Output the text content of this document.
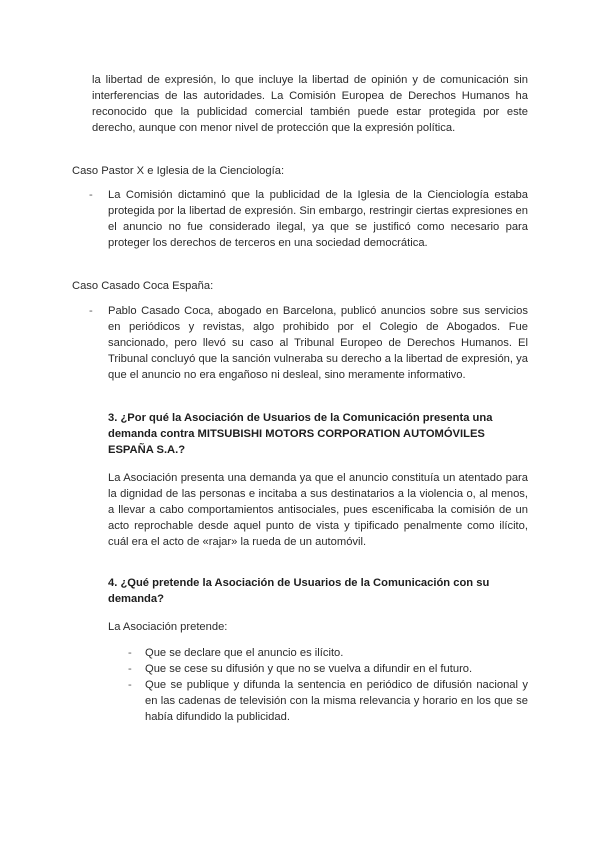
la libertad de expresión, lo que incluye la libertad de opinión y de comunicación sin interferencias de las autoridades. La Comisión Europea de Derechos Humanos ha reconocido que la publicidad comercial también puede estar protegida por este derecho, aunque con menor nivel de protección que la expresión política.

Caso Pastor X e Iglesia de la Cienciología:

- La Comisión dictaminó que la publicidad de la Iglesia de la Cienciología estaba protegida por la libertad de expresión. Sin embargo, restringir ciertas expresiones en el anuncio no fue considerado ilegal, ya que se justificó como necesario para proteger los derechos de terceros en una sociedad democrática.

Caso Casado Coca España:

- Pablo Casado Coca, abogado en Barcelona, publicó anuncios sobre sus servicios en periódicos y revistas, algo prohibido por el Colegio de Abogados. Fue sancionado, pero llevó su caso al Tribunal Europeo de Derechos Humanos. El Tribunal concluyó que la sanción vulneraba su derecho a la libertad de expresión, ya que el anuncio no era engañoso ni desleal, sino meramente informativo.

3. ¿Por qué la Asociación de Usuarios de la Comunicación presenta una demanda contra MITSUBISHI MOTORS CORPORATION AUTOMÓVILES ESPAÑA S.A.?

La Asociación presenta una demanda ya que el anuncio constituía un atentado para la dignidad de las personas e incitaba a sus destinatarios a la violencia o, al menos, a llevar a cabo comportamientos antisociales, pues escenificaba la comisión de un acto reprochable desde aquel punto de vista y tipificado penalmente como ilícito, cuál era el acto de «rajar» la rueda de un automóvil.

4. ¿Qué pretende la Asociación de Usuarios de la Comunicación con su demanda?

La Asociación pretende:

- Que se declare que el anuncio es ilícito.

- Que se cese su difusión y que no se vuelva a difundir en el futuro.

- Que se publique y difunda la sentencia en periódico de difusión nacional y en las cadenas de televisión con la misma relevancia y horario en los que se había difundido la publicidad.
